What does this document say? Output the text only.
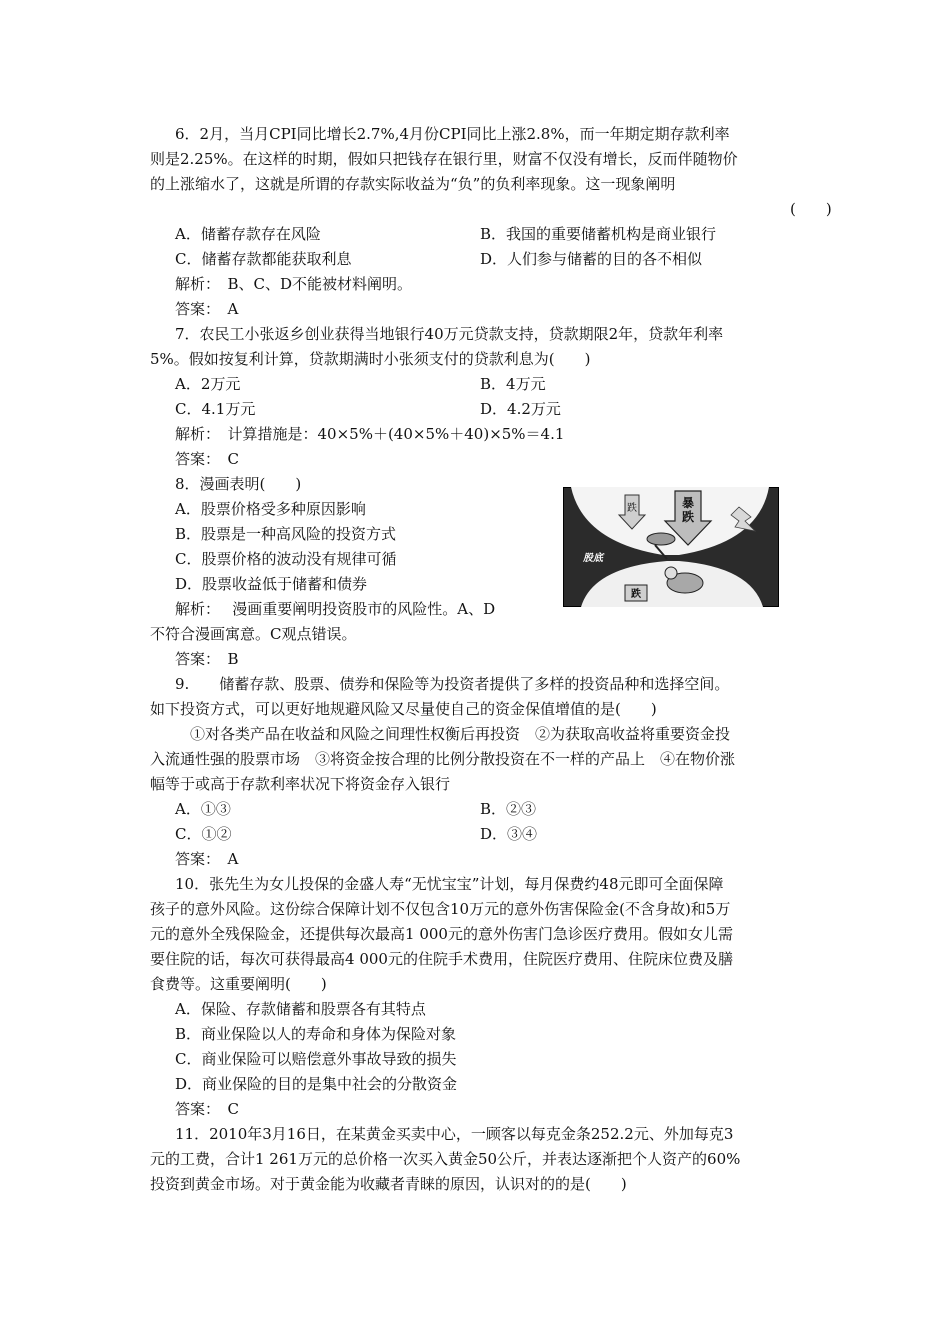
6．2月，当月CPI同比增长2.7%,4月份CPI同比上涨2.8%，而一年期定期存款利率
则是2.25%。在这样的时期，假如只把钱存在银行里，财富不仅没有增长，反而伴随物价
的上涨缩水了，这就是所谓的存款实际收益为“负”的负利率现象。这一现象阐明
(　　)
A．储蓄存款存在风险	B．我国的重要储蓄机构是商业银行
C．储蓄存款都能获取利息	D．人们参与储蓄的目的各不相似
解析：　B、C、D不能被材料阐明。
答案：　A
7．农民工小张返乡创业获得当地银行40万元贷款支持，贷款期限2年，贷款年利率
5%。假如按复利计算，贷款期满时小张须支付的贷款利息为(　　)
A．2万元	B．4万元
C．4.1万元	D．4.2万元
解析：　计算措施是：40×5%＋(40×5%＋40)×5%＝4.1
答案：　C
8．漫画表明(　　)
A．股票价格受多种原因影响
B．股票是一种高风险的投资方式
C．股票价格的波动没有规律可循
D．股票收益低于储蓄和债券
解析：　 漫画重要阐明投资股市的风险性。A、D
不符合漫画寓意。C观点错误。
答案：　B
跌	暴
跌
股底
跌
9.　　储蓄存款、股票、债券和保险等为投资者提供了多样的投资品种和选择空间。
如下投资方式，可以更好地规避风险又尽量使自己的资金保值增值的是(　　)
①对各类产品在收益和风险之间理性权衡后再投资　②为获取高收益将重要资金投
入流通性强的股票市场　③将资金按合理的比例分散投资在不一样的产品上　④在物价涨
幅等于或高于存款利率状况下将资金存入银行
A．①③	B．②③
C．①②	D．③④
答案：　A
10．张先生为女儿投保的金盛人寿“无忧宝宝”计划，每月保费约48元即可全面保障
孩子的意外风险。这份综合保障计划不仅包含10万元的意外伤害保险金(不含身故)和5万
元的意外全残保险金，还提供每次最高1 000元的意外伤害门急诊医疗费用。假如女儿需
要住院的话，每次可获得最高4 000元的住院手术费用，住院医疗费用、住院床位费及膳
食费等。这重要阐明(　　)
A．保险、存款储蓄和股票各有其特点
B．商业保险以人的寿命和身体为保险对象
C．商业保险可以赔偿意外事故导致的损失
D．商业保险的目的是集中社会的分散资金
答案：　C
11．2010年3月16日，在某黄金买卖中心，一顾客以每克金条252.2元、外加每克3
元的工费，合计1 261万元的总价格一次买入黄金50公斤，并表达逐渐把个人资产的60%
投资到黄金市场。对于黄金能为收藏者青睐的原因，认识对的的是(　　)
